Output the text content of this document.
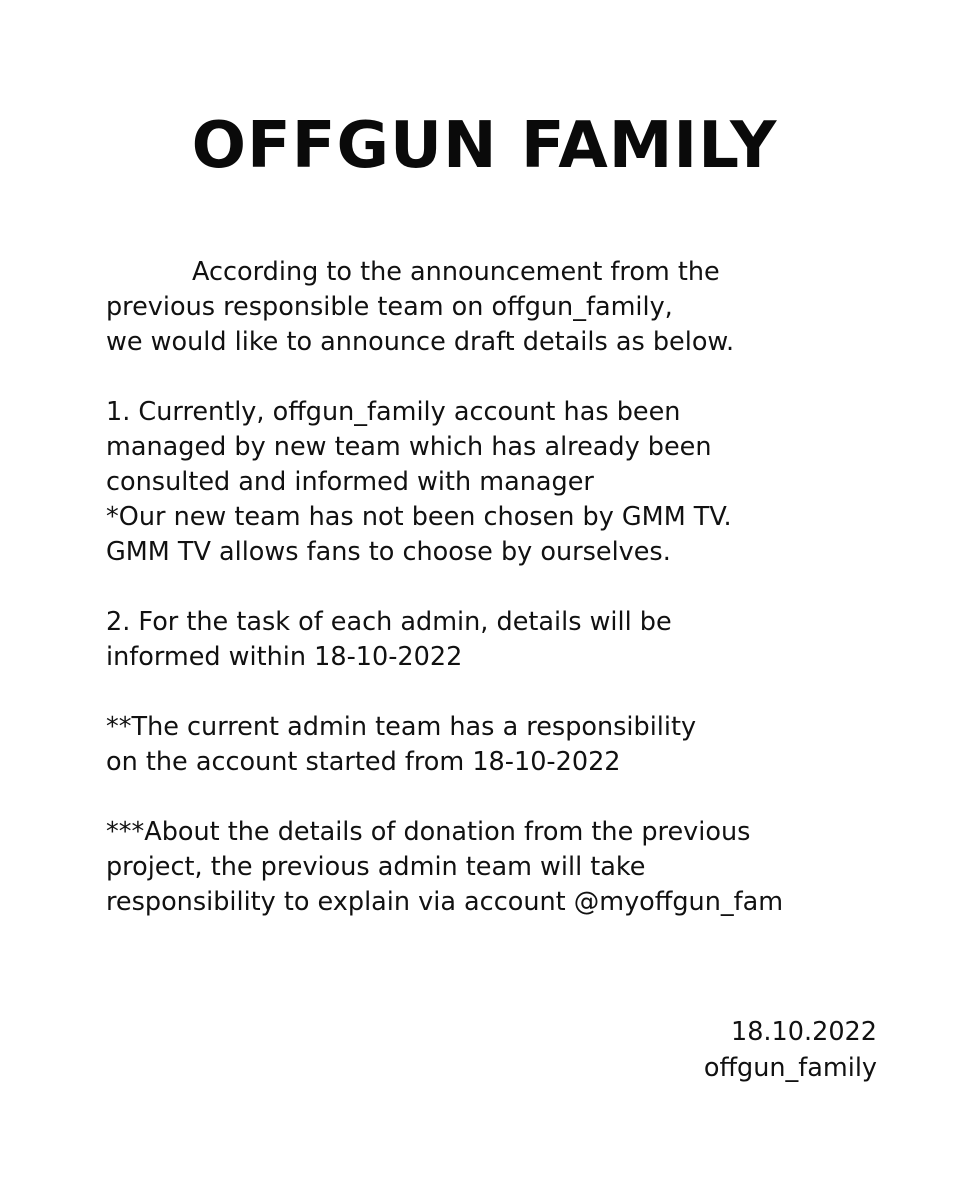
OFFGUN FAMILY
According to the announcement from the
previous responsible team on offgun_family,
we would like to announce draft details as below.
1. Currently, offgun_family account has been
managed by new team which has already been
consulted and informed with manager
*Our new team has not been chosen by GMM TV.
GMM TV allows fans to choose by ourselves.
2. For the task of each admin, details will be
informed within 18-10-2022
**The current admin team has a responsibility
on the account started from 18-10-2022
***About the details of donation from the previous
project, the previous admin team will take
responsibility to explain via account @myoffgun_fam
18.10.2022
offgun_family
